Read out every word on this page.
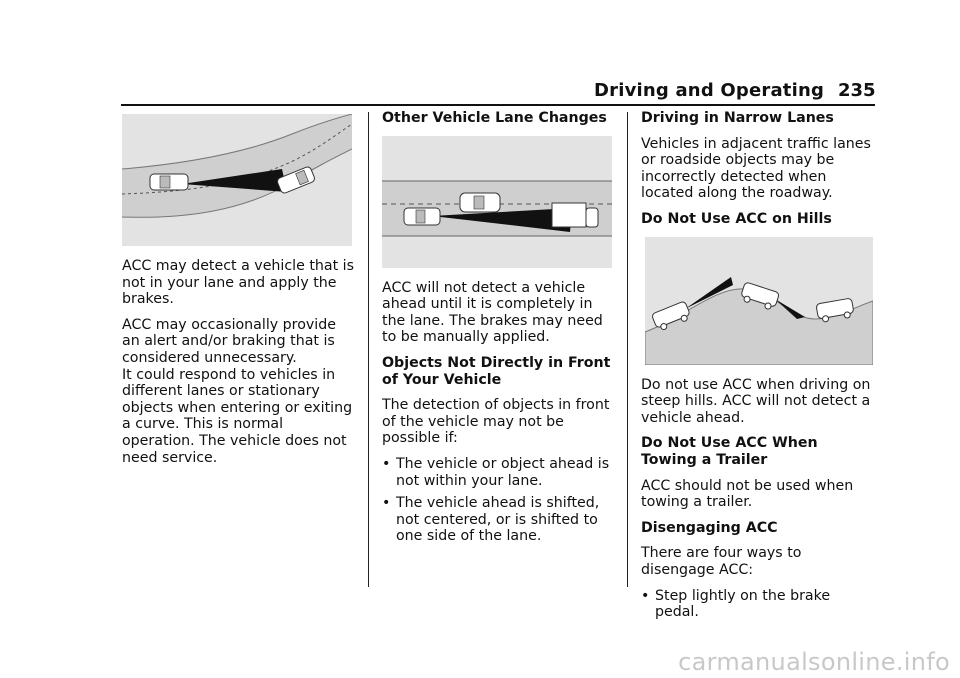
Driving and Operating 235

ACC may detect a vehicle that is not in your lane and apply the brakes.

ACC may occasionally provide an alert and/or braking that is considered unnecessary.

It could respond to vehicles in different lanes or stationary objects when entering or exiting a curve. This is normal operation. The vehicle does not need service.

Other Vehicle Lane Changes

ACC will not detect a vehicle ahead until it is completely in the lane. The brakes may need to be manually applied.

Objects Not Directly in Front of Your Vehicle

The detection of objects in front of the vehicle may not be possible if:

• The vehicle or object ahead is not within your lane.
• The vehicle ahead is shifted, not centered, or is shifted to one side of the lane.
Driving in Narrow Lanes

Vehicles in adjacent traffic lanes or roadside objects may be incorrectly detected when located along the roadway.

Do Not Use ACC on Hills

Do not use ACC when driving on steep hills. ACC will not detect a vehicle ahead.

Do Not Use ACC When Towing a Trailer

ACC should not be used when towing a trailer.

Disengaging ACC

There are four ways to disengage ACC:

• Step lightly on the brake pedal.
carmanualsonline.info
